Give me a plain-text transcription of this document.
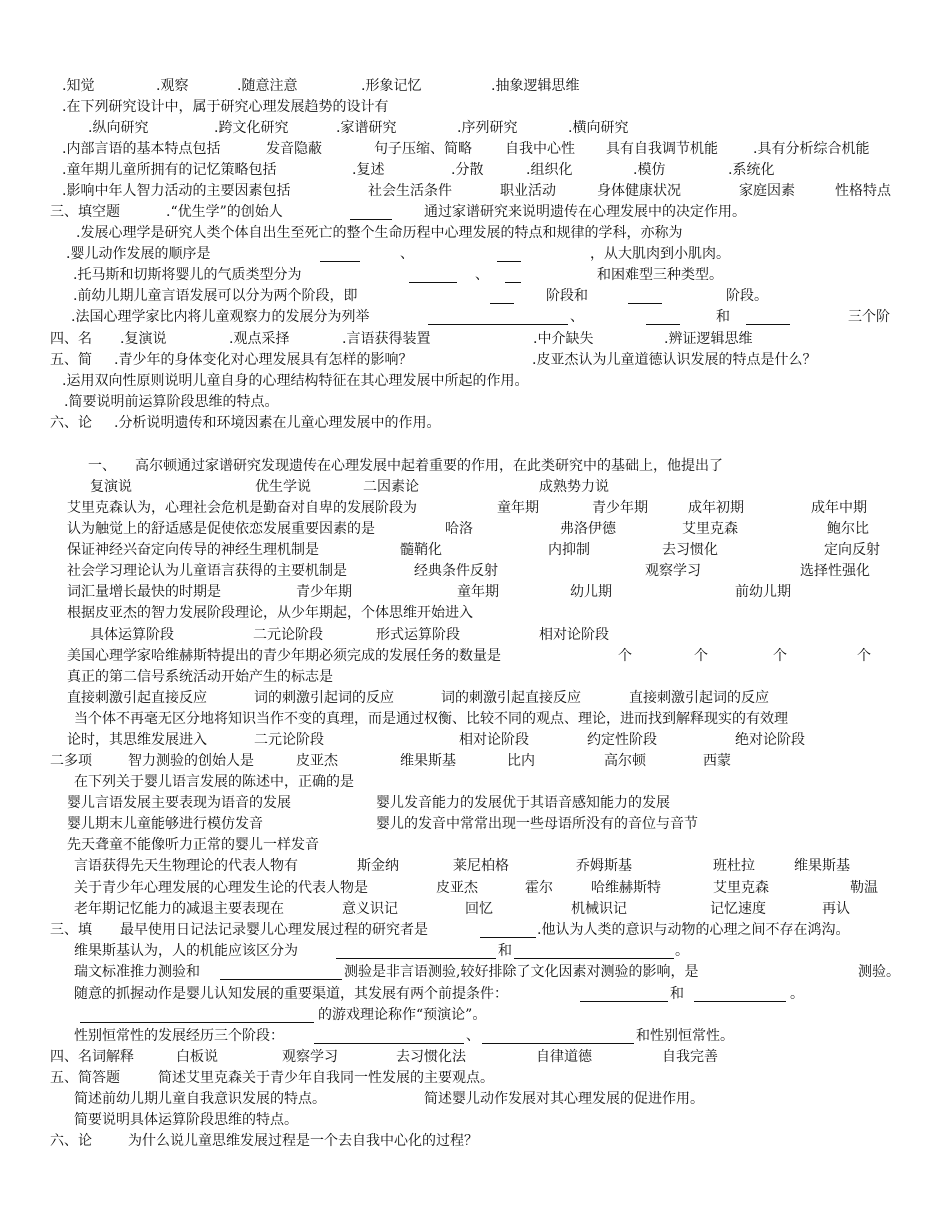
.知觉	.观察	.随意注意	.形象记忆	.抽象逻辑思维
.在下列研究设计中，属于研究心理发展趋势的设计有
.纵向研究	.跨文化研究	.家谱研究	.序列研究	.横向研究
.内部言语的基本特点包括	发音隐蔽	句子压缩、简略 自我中心性 具有自我调节机能	.具有分析综合机能
.童年期儿童所拥有的记忆策略包括	.复述	.分散	.组织化	.模仿	.系统化
.影响中年人智力活动的主要因素包括	社会生活条件	职业活动	身体健康状况	家庭因素	性格特点
三、填空题	.“优生学”的创始人	通过家谱研究来说明遗传在心理发展中的决定作用。
.发展心理学是研究人类个体自出生至死亡的整个生命历程中心理发展的特点和规律的学科，亦称为
.婴儿动作发展的顺序是	、	，从大肌肉到小肌肉。
.托马斯和切斯将婴儿的气质类型分为	、	和困难型三种类型。
.前幼儿期儿童言语发展可以分为两个阶段，即	阶段和	阶段。
.法国心理学家比内将儿童观察力的发展分为列举	、	和	三个阶
四、名 .复演说	.观点采择	.言语获得装置	.中介缺失	.辨证逻辑思维
五、简 .青少年的身体变化对心理发展具有怎样的影响？	.皮亚杰认为儿童道德认识发展的特点是什么？
.运用双向性原则说明儿童自身的心理结构特征在其心理发展中所起的作用。
.简要说明前运算阶段思维的特点。
六、论 .分析说明遗传和环境因素在儿童心理发展中的作用。
一、 高尔顿通过家谱研究发现遗传在心理发展中起着重要的作用，在此类研究中的基础上，他提出了
复演说	优生学说	二因素论	成熟势力说
艾里克森认为，心理社会危机是勤奋对自卑的发展阶段为	童年期	青少年期	成年初期	成年中期
认为触觉上的舒适感是促使依恋发展重要因素的是	哈洛	弗洛伊德	艾里克森	鲍尔比
保证神经兴奋定向传导的神经生理机制是	髓鞘化	内抑制	去习惯化	定向反射
社会学习理论认为儿童语言获得的主要机制是	经典条件反射	观察学习	选择性强化
词汇量增长最快的时期是	青少年期	童年期	幼儿期	前幼儿期
根据皮亚杰的智力发展阶段理论，从少年期起，个体思维开始进入
具体运算阶段	二元论阶段	形式运算阶段	相对论阶段
美国心理学家哈维赫斯特提出的青少年期必须完成的发展任务的数量是	个	个	个	个
真正的第二信号系统活动开始产生的标志是
直接刺激引起直接反应	词的刺激引起词的反应	词的刺激引起直接反应	直接刺激引起词的反应
当个体不再毫无区分地将知识当作不变的真理，而是通过权衡、比较不同的观点、理论，进而找到解释现实的有效理
论时，其思维发展进入	二元论阶段	相对论阶段	约定性阶段	绝对论阶段
二多项	智力测验的创始人是	皮亚杰	维果斯基	比内	高尔顿	西蒙
在下列关于婴儿语言发展的陈述中，正确的是
婴儿言语发展主要表现为语音的发展	婴儿发音能力的发展优于其语音感知能力的发展
婴儿期末儿童能够进行模仿发音	婴儿的发音中常常出现一些母语所没有的音位与音节
先天聋童不能像听力正常的婴儿一样发音
言语获得先天生物理论的代表人物有	斯金纳	莱尼柏格	乔姆斯基	班杜拉	维果斯基
关于青少年心理发展的心理发生论的代表人物是	皮亚杰	霍尔	哈维赫斯特	艾里克森	勒温
老年期记忆能力的减退主要表现在	意义识记	回忆	机械识记	记忆速度	再认
三、填 最早使用日记法记录婴儿心理发展过程的研究者是	.他认为人类的意识与动物的心理之间不存在鸿沟。
维果斯基认为，人的机能应该区分为	和	。
瑞文标准推力测验和	测验是非言语测验,较好排除了文化因素对测验的影响，是	测验。
随意的抓握动作是婴儿认知发展的重要渠道，其发展有两个前提条件：	和	。
的游戏理论称作“预演论”。
性别恒常性的发展经历三个阶段：	、	和性别恒常性。
四、名词解释	白板说	观察学习	去习惯化法	自律道德	自我完善
五、简答题	简述艾里克森关于青少年自我同一性发展的主要观点。
简述前幼儿期儿童自我意识发展的特点。	简述婴儿动作发展对其心理发展的促进作用。
简要说明具体运算阶段思维的特点。
六、论	为什么说儿童思维发展过程是一个去自我中心化的过程？
